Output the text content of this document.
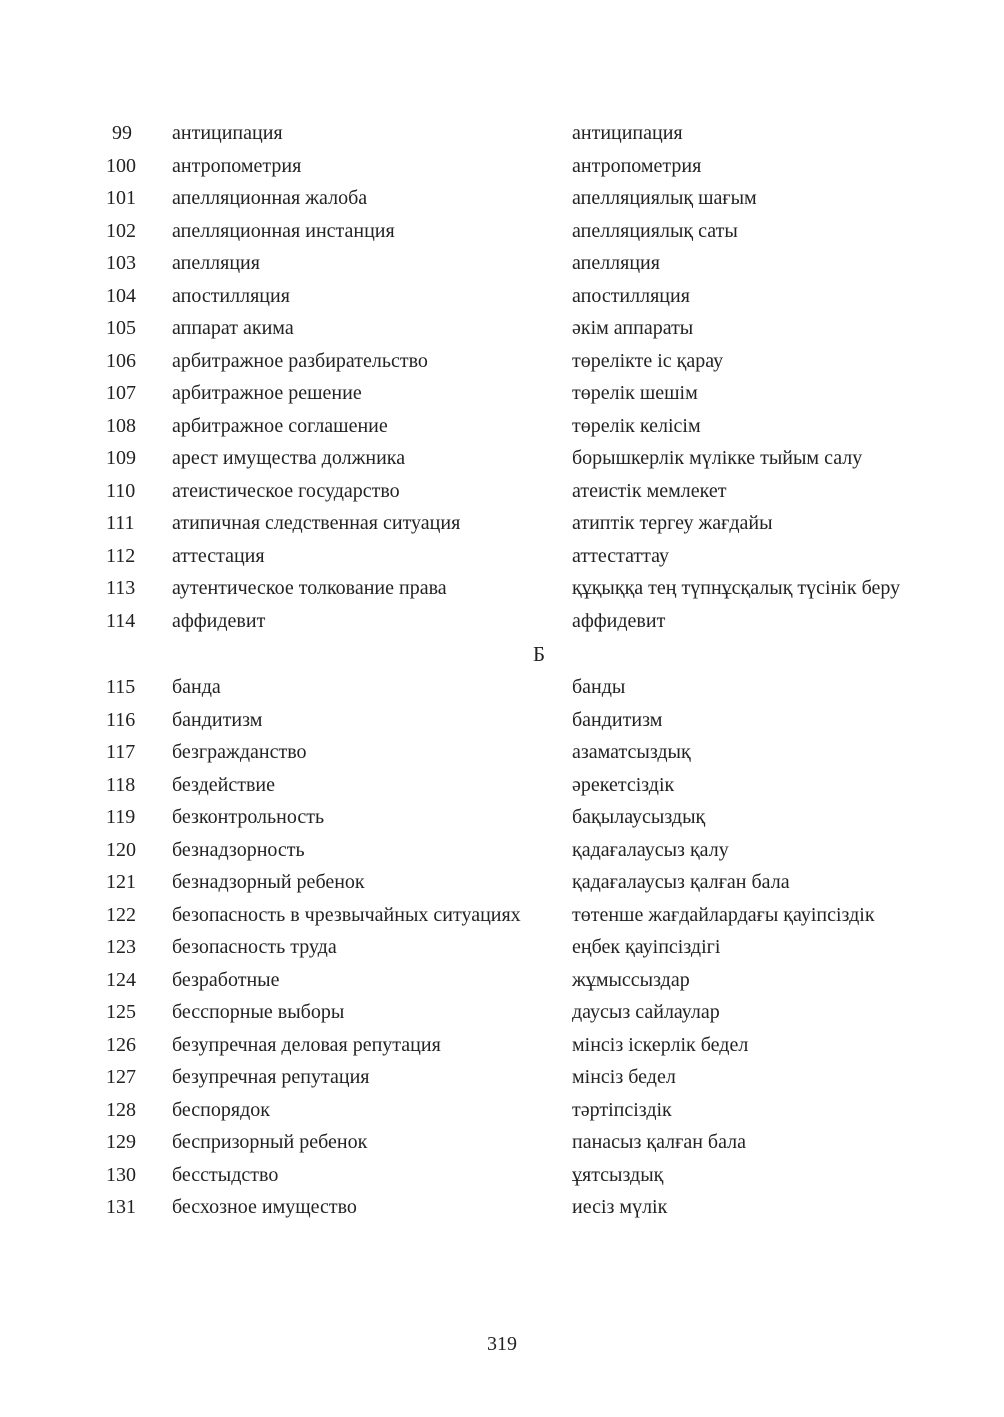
99	антиципация	антиципация
100	антропометрия	антропометрия
101	апелляционная жалоба	апелляциялық шағым
102	апелляционная инстанция	апелляциялық саты
103	апелляция	апелляция
104	апостилляция	апостилляция
105	аппарат акима	әкім аппараты
106	арбитражное разбирательство	төрелікте іс қарау
107	арбитражное решение	төрелік шешім
108	арбитражное соглашение	төрелік келісім
109	арест имущества должника	борышкерлік мүлікке тыйым салу
110	атеистическое государство	атеистік мемлекет
111	атипичная следственная ситуация	атиптік тергеу жағдайы
112	аттестация	аттестаттау
113	аутентическое толкование права	құқыққа тең түпнұсқалық түсінік беру
114	аффидевит	аффидевит
Б
115	банда	банды
116	бандитизм	бандитизм
117	безгражданство	азаматсыздық
118	бездействие	әрекетсіздік
119	безконтрольность	бақылаусыздық
120	безнадзорность	қадағалаусыз қалу
121	безнадзорный ребенок	қадағалаусыз қалған бала
122	безопасность в чрезвычайных ситуациях	төтенше жағдайлардағы қауіпсіздік
123	безопасность труда	еңбек қауіпсіздігі
124	безработные	жұмыссыздар
125	бесспорные выборы	даусыз сайлаулар
126	безупречная деловая репутация	мінсіз іскерлік бедел
127	безупречная репутация	мінсіз бедел
128	беспорядок	тәртіпсіздік
129	беспризорный ребенок	панасыз қалған бала
130	бесстыдство	ұятсыздық
131	бесхозное имущество	иесіз мүлік
319
